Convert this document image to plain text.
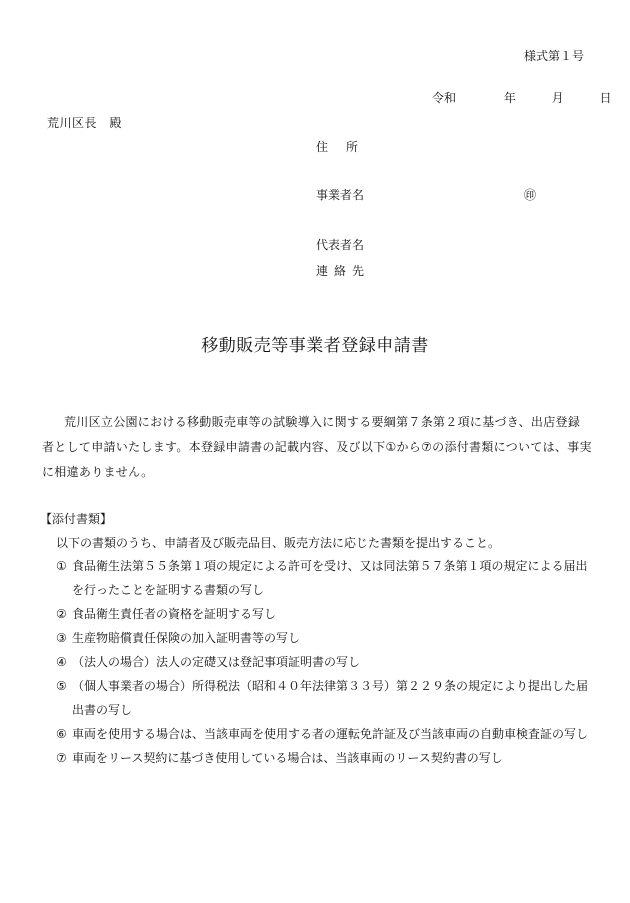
様式第１号
令和	年	月	日
荒川区長　殿
住所
事業者名	㊞
代表者名
連絡先
移動販売等事業者登録申請書
荒川区立公園における移動販売車等の試験導入に関する要綱第７条第２項に基づき、出店登録者として申請いたします。本登録申請書の記載内容、及び以下①から⑦の添付書類については、事実に相違ありません。
【添付書類】
以下の書類のうち、申請者及び販売品目、販売方法に応じた書類を提出すること。
① 食品衛生法第５５条第１項の規定による許可を受け、又は同法第５７条第１項の規定による届出を行ったことを証明する書類の写し
② 食品衛生責任者の資格を証明する写し
③ 生産物賠償責任保険の加入証明書等の写し
④ （法人の場合）法人の定礎又は登記事項証明書の写し
⑤ （個人事業者の場合）所得税法（昭和４０年法律第３３号）第２２９条の規定により提出した届出書の写し
⑥ 車両を使用する場合は、当該車両を使用する者の運転免許証及び当該車両の自動車検査証の写し
⑦ 車両をリース契約に基づき使用している場合は、当該車両のリース契約書の写し
